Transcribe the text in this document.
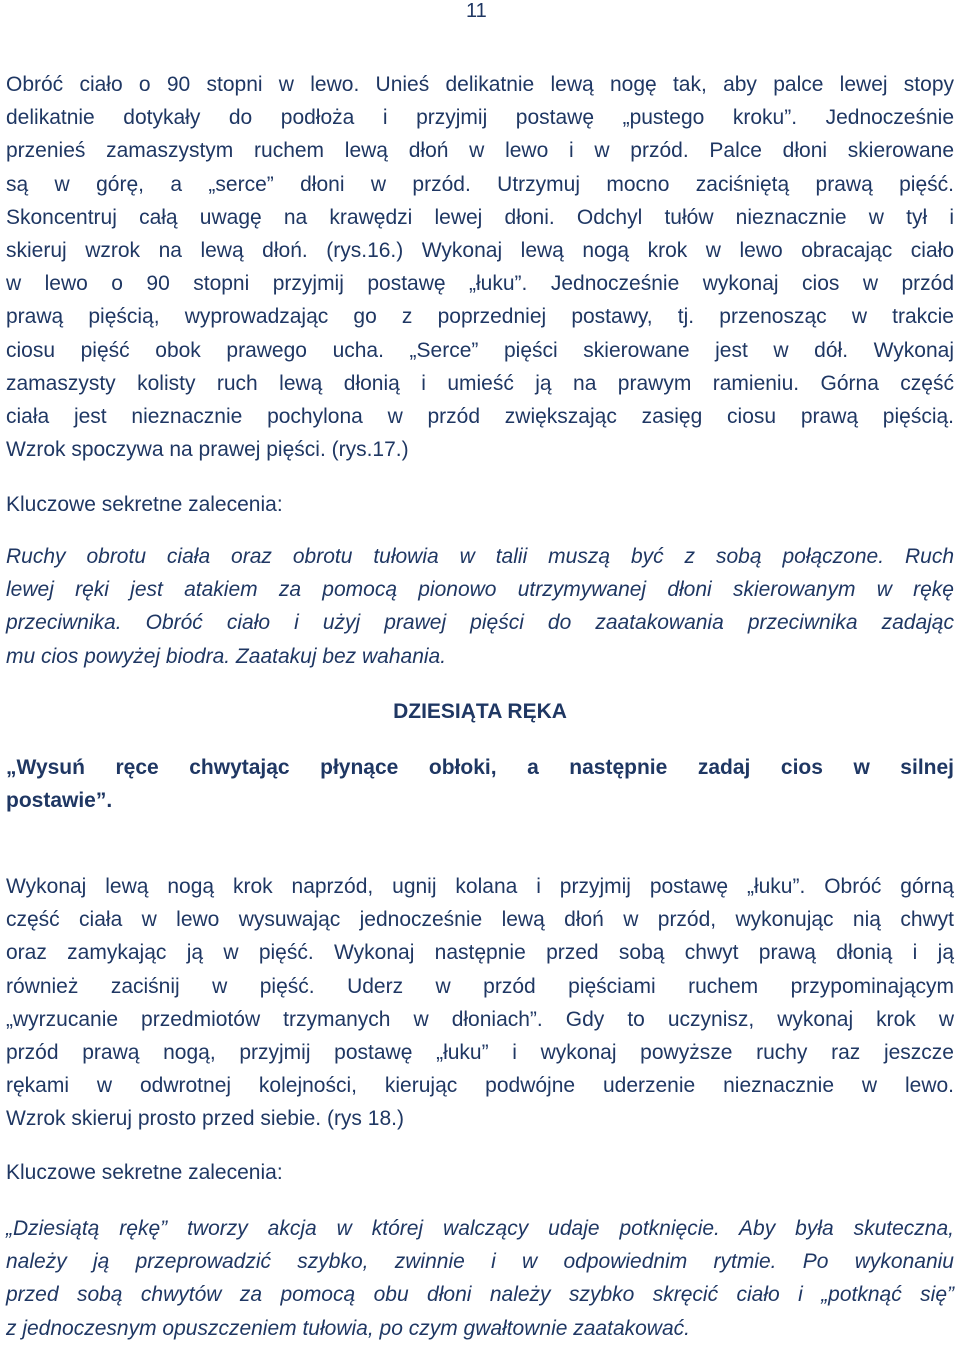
11

Obróć ciało o 90 stopni w lewo. Unieś delikatnie lewą nogę tak, aby palce lewej stopy
delikatnie dotykały do podłoża i przyjmij postawę „pustego kroku”. Jednocześnie
przenieś zamaszystym ruchem lewą dłoń w lewo i w przód. Palce dłoni skierowane
są w górę, a „serce” dłoni w przód. Utrzymuj mocno zaciśniętą prawą pięść.
Skoncentruj całą uwagę na krawędzi lewej dłoni. Odchyl tułów nieznacznie w tył i
skieruj wzrok na lewą dłoń. (rys.16.) Wykonaj lewą nogą krok w lewo obracając ciało
w lewo o 90 stopni przyjmij postawę „łuku”. Jednocześnie wykonaj cios w przód
prawą pięścią, wyprowadzając go z poprzedniej postawy, tj. przenosząc w trakcie
ciosu pięść obok prawego ucha. „Serce” pięści skierowane jest w dół. Wykonaj
zamaszysty kolisty ruch lewą dłonią i umieść ją na prawym ramieniu. Górna część
ciała jest nieznacznie pochylona w przód zwiększając zasięg ciosu prawą pięścią.
Wzrok spoczywa na prawej pięści. (rys.17.)

Kluczowe sekretne zalecenia:

Ruchy obrotu ciała oraz obrotu tułowia w talii muszą być z sobą połączone. Ruch
lewej ręki jest atakiem za pomocą pionowo utrzymywanej dłoni skierowanym w rękę
przeciwnika. Obróć ciało i użyj prawej pięści do zaatakowania przeciwnika zadając
mu cios powyżej biodra. Zaatakuj bez wahania.

DZIESIĄTA RĘKA

„Wysuń ręce chwytając płynące obłoki, a następnie zadaj cios w silnej
postawie”.

Wykonaj lewą nogą krok naprzód, ugnij kolana i przyjmij postawę „łuku”. Obróć górną
część ciała w lewo wysuwając jednocześnie lewą dłoń w przód, wykonując nią chwyt
oraz zamykając ją w pięść. Wykonaj następnie przed sobą chwyt prawą dłonią i ją
również zaciśnij w pięść. Uderz w przód pięściami ruchem przypominającym
„wyrzucanie przedmiotów trzymanych w dłoniach”. Gdy to uczynisz, wykonaj krok w
przód prawą nogą, przyjmij postawę „łuku” i wykonaj powyższe ruchy raz jeszcze
rękami w odwrotnej kolejności, kierując podwójne uderzenie nieznacznie w lewo.
Wzrok skieruj prosto przed siebie. (rys 18.)

Kluczowe sekretne zalecenia:

„Dziesiątą rękę” tworzy akcja w której walczący udaje potknięcie. Aby była skuteczna,
należy ją przeprowadzić szybko, zwinnie i w odpowiednim rytmie. Po wykonaniu
przed sobą chwytów za pomocą obu dłoni należy szybko skręcić ciało i „potknąć się”
z jednoczesnym opuszczeniem tułowia, po czym gwałtownie zaatakować.
